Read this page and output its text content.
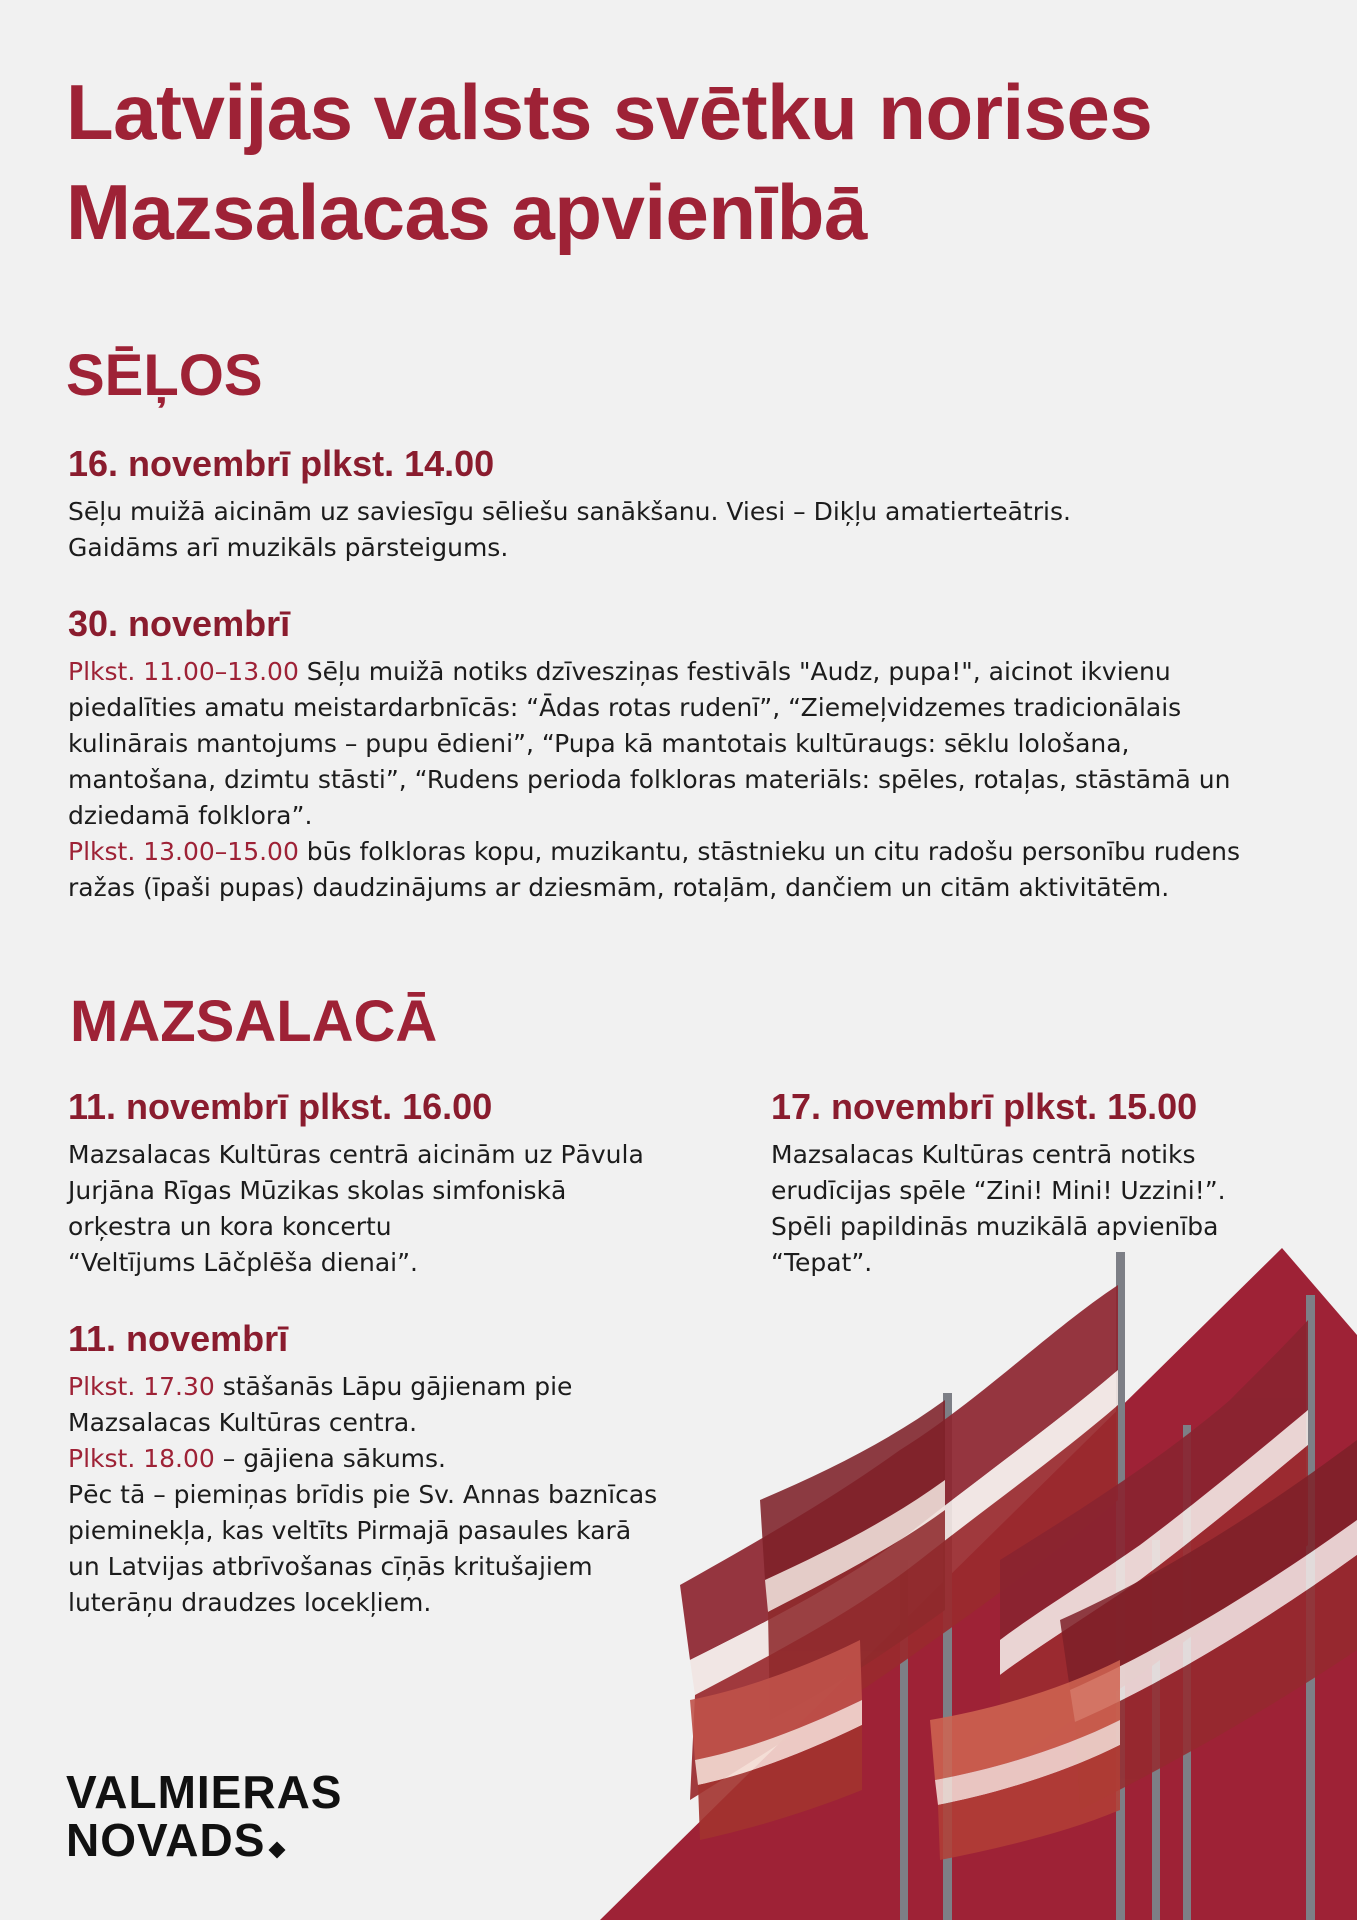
Latvijas valsts svētku norises
Mazsalacas apvienībā
SĒĻOS

16. novembrī plkst. 14.00

Sēļu muižā aicinām uz saviesīgu sēliešu sanākšanu. Viesi – Diķļu amatierteātris.
Gaidāms arī muzikāls pārsteigums.

30. novembrī

Plkst. 11.00–13.00 Sēļu muižā notiks dzīvesziņas festivāls "Audz, pupa!", aicinot ikvienu
piedalīties amatu meistardarbnīcās: “Ādas rotas rudenī”, “Ziemeļvidzemes tradicionālais
kulinārais mantojums – pupu ēdieni”, “Pupa kā mantotais kultūraugs: sēklu lološana,
mantošana, dzimtu stāsti”, “Rudens perioda folkloras materiāls: spēles, rotaļas, stāstāmā un
dziedamā folklora”.
Plkst. 13.00–15.00 būs folkloras kopu, muzikantu, stāstnieku un citu radošu personību rudens
ražas (īpaši pupas) daudzinājums ar dziesmām, rotaļām, dančiem un citām aktivitātēm.

MAZSALACĀ

11. novembrī plkst. 16.00

Mazsalacas Kultūras centrā aicinām uz Pāvula
Jurjāna Rīgas Mūzikas skolas simfoniskā
orķestra un kora koncertu
“Veltījums Lāčplēša dienai”.

17. novembrī plkst. 15.00

Mazsalacas Kultūras centrā notiks
erudīcijas spēle “Zini! Mini! Uzzini!”.
Spēli papildinās muzikālā apvienība
“Tepat”.

11. novembrī

Plkst. 17.30 stāšanās Lāpu gājienam pie
Mazsalacas Kultūras centra.
Plkst. 18.00 – gājiena sākums.
Pēc tā – piemiņas brīdis pie Sv. Annas baznīcas
pieminekļa, kas veltīts Pirmajā pasaules karā
un Latvijas atbrīvošanas cīņās kritušajiem
luterāņu draudzes locekļiem.

VALMIERAS
NOVADS
